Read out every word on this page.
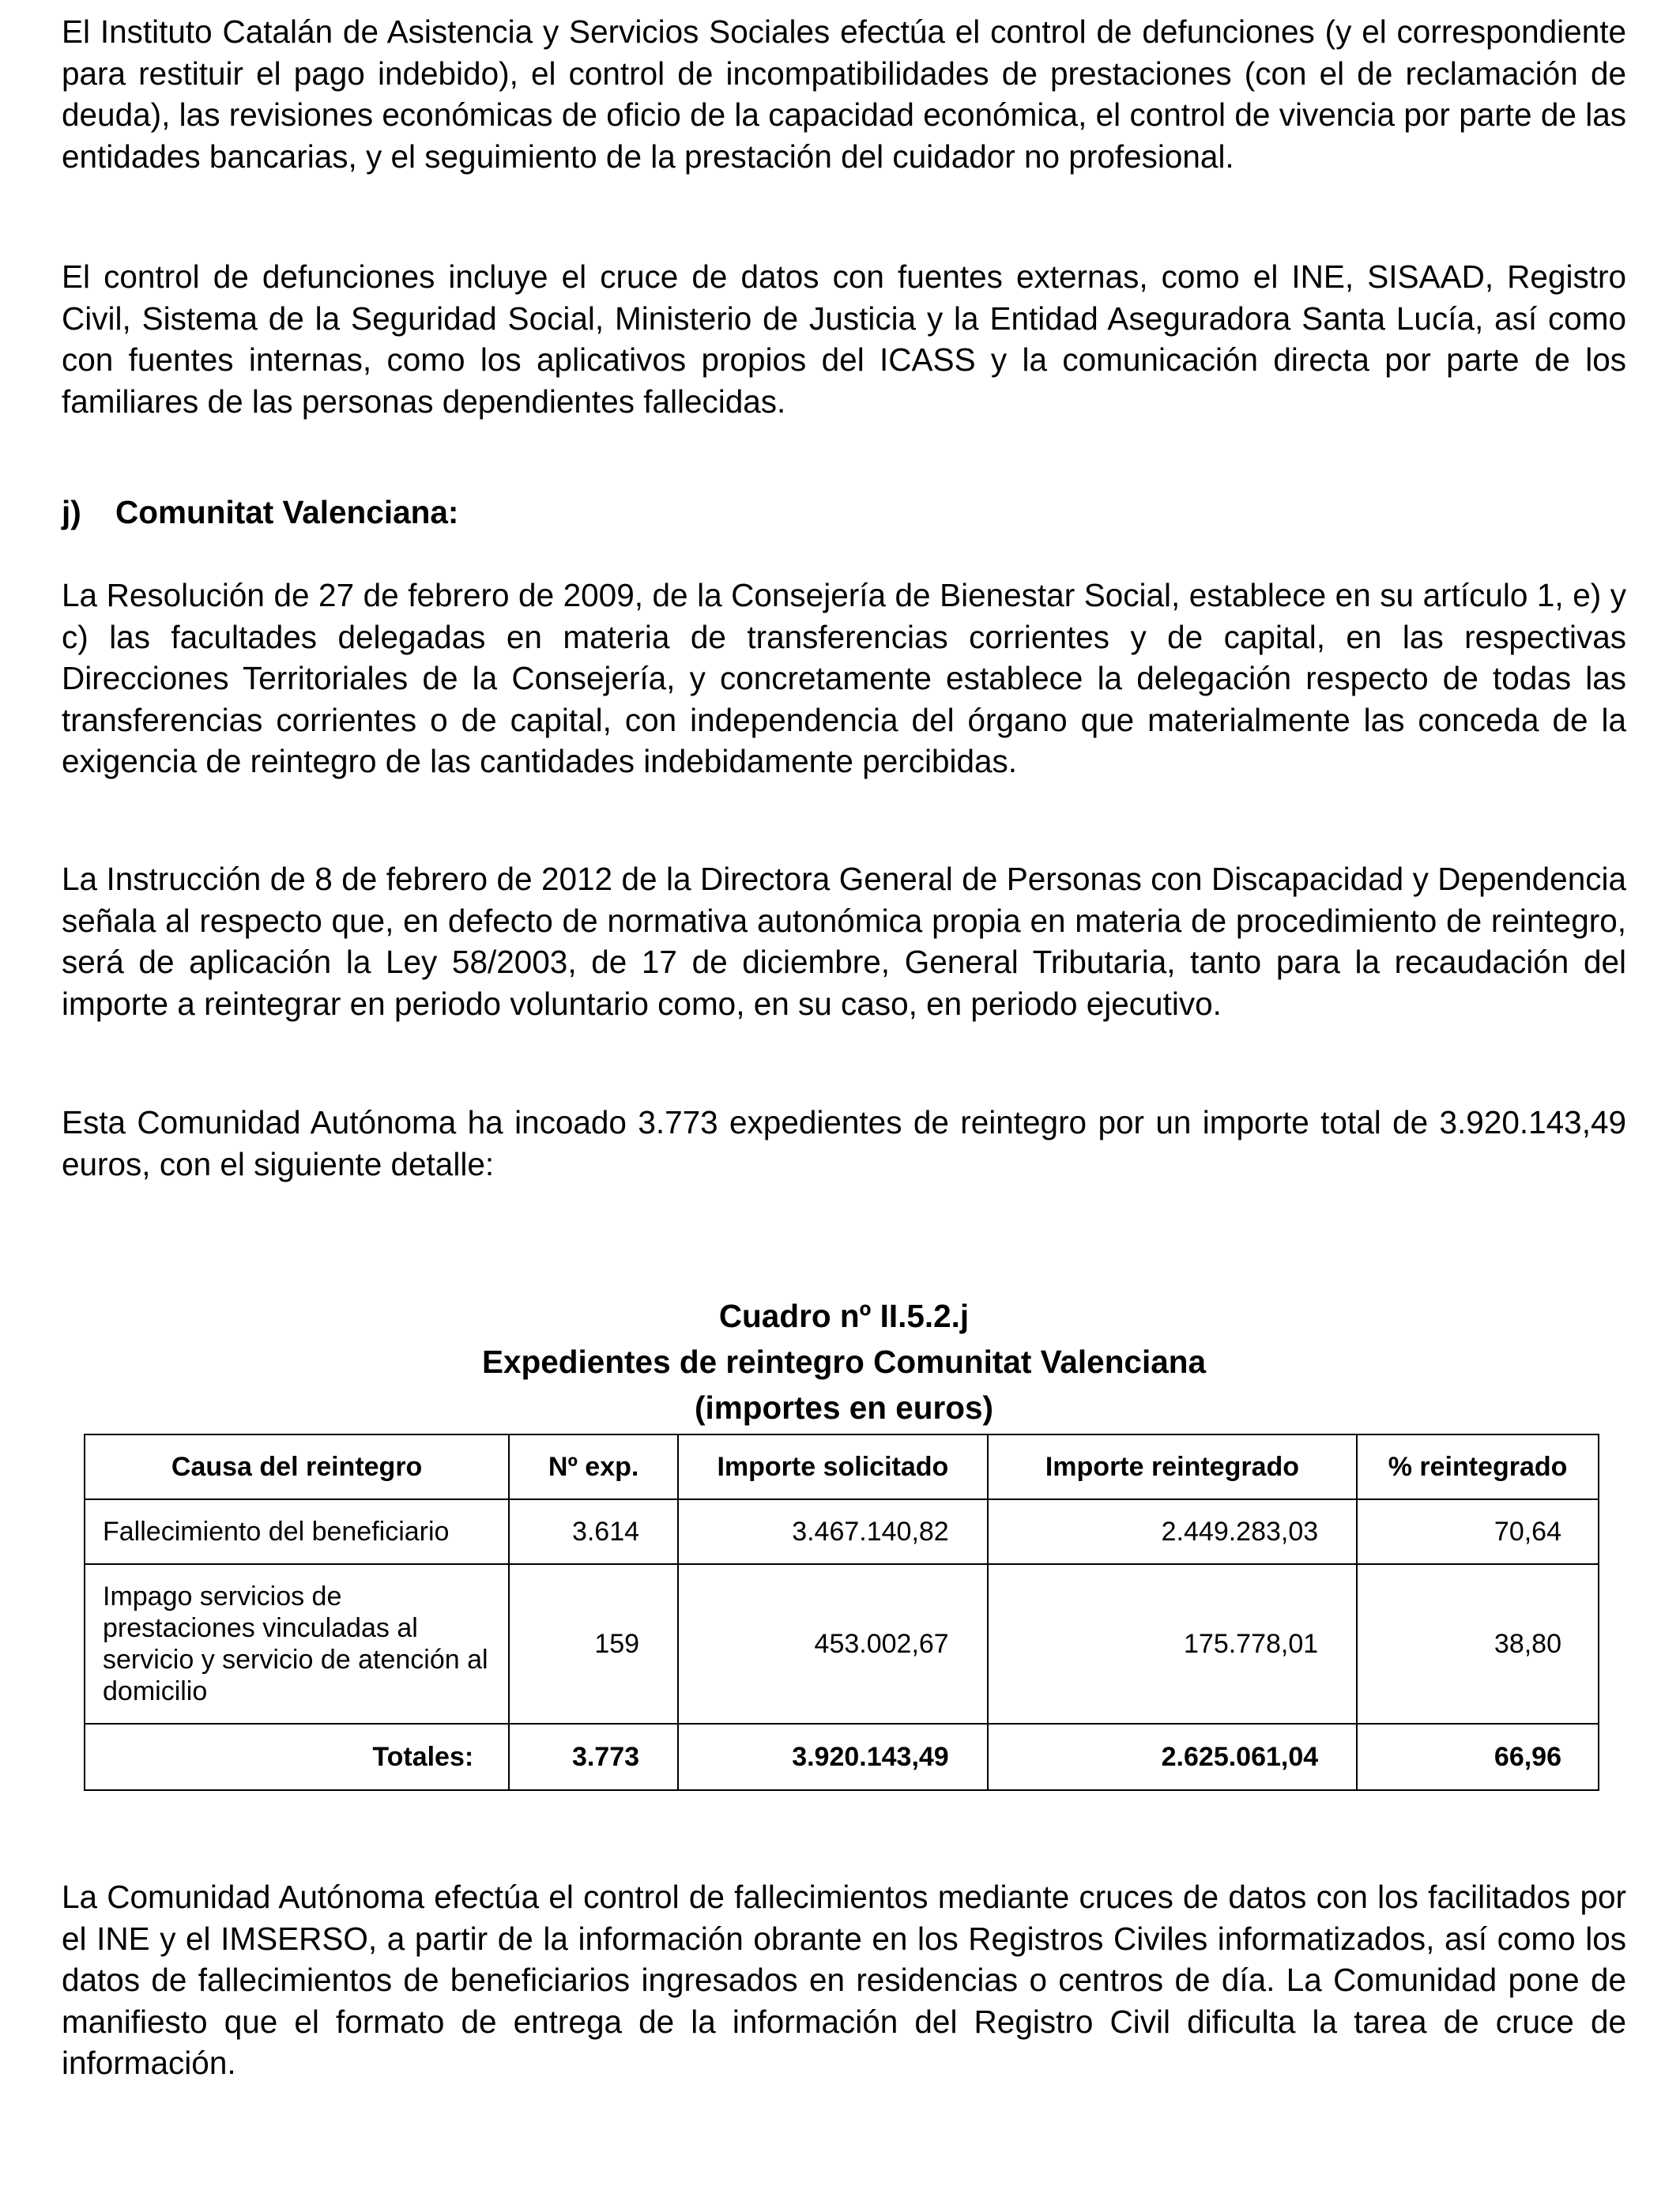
El Instituto Catalán de Asistencia y Servicios Sociales efectúa el control de defunciones (y el correspondiente para restituir el pago indebido), el control de incompatibilidades de prestaciones (con el de reclamación de deuda), las revisiones económicas de oficio de la capacidad económica, el control de vivencia por parte de las entidades bancarias, y el seguimiento de la prestación del cuidador no profesional.

El control de defunciones incluye el cruce de datos con fuentes externas, como el INE, SISAAD, Registro Civil, Sistema de la Seguridad Social, Ministerio de Justicia y la Entidad Aseguradora Santa Lucía, así como con fuentes internas, como los aplicativos propios del ICASS y la comunicación directa por parte de los familiares de las personas dependientes fallecidas.

j) Comunitat Valenciana:

La Resolución de 27 de febrero de 2009, de la Consejería de Bienestar Social, establece en su artículo 1, e) y c) las facultades delegadas en materia de transferencias corrientes y de capital, en las respectivas Direcciones Territoriales de la Consejería, y concretamente establece la delegación respecto de todas las transferencias corrientes o de capital, con independencia del órgano que materialmente las conceda de la exigencia de reintegro de las cantidades indebidamente percibidas.

La Instrucción de 8 de febrero de 2012 de la Directora General de Personas con Discapacidad y Dependencia señala al respecto que, en defecto de normativa autonómica propia en materia de procedimiento de reintegro, será de aplicación la Ley 58/2003, de 17 de diciembre, General Tributaria, tanto para la recaudación del importe a reintegrar en periodo voluntario como, en su caso, en periodo ejecutivo.

Esta Comunidad Autónoma ha incoado 3.773 expedientes de reintegro por un importe total de 3.920.143,49 euros, con el siguiente detalle:

Cuadro nº II.5.2.j
Expedientes de reintegro Comunitat Valenciana
(importes en euros)
Causa del reintegro	Nº exp.	Importe solicitado	Importe reintegrado	% reintegrado
Fallecimiento del beneficiario	3.614	3.467.140,82	2.449.283,03	70,64
Impago servicios de prestaciones vinculadas al servicio y servicio de atención al domicilio	159	453.002,67	175.778,01	38,80
Totales:	3.773	3.920.143,49	2.625.061,04	66,96

La Comunidad Autónoma efectúa el control de fallecimientos mediante cruces de datos con los facilitados por el INE y el IMSERSO, a partir de la información obrante en los Registros Civiles informatizados, así como los datos de fallecimientos de beneficiarios ingresados en residencias o centros de día. La Comunidad pone de manifiesto que el formato de entrega de la información del Registro Civil dificulta la tarea de cruce de información.
